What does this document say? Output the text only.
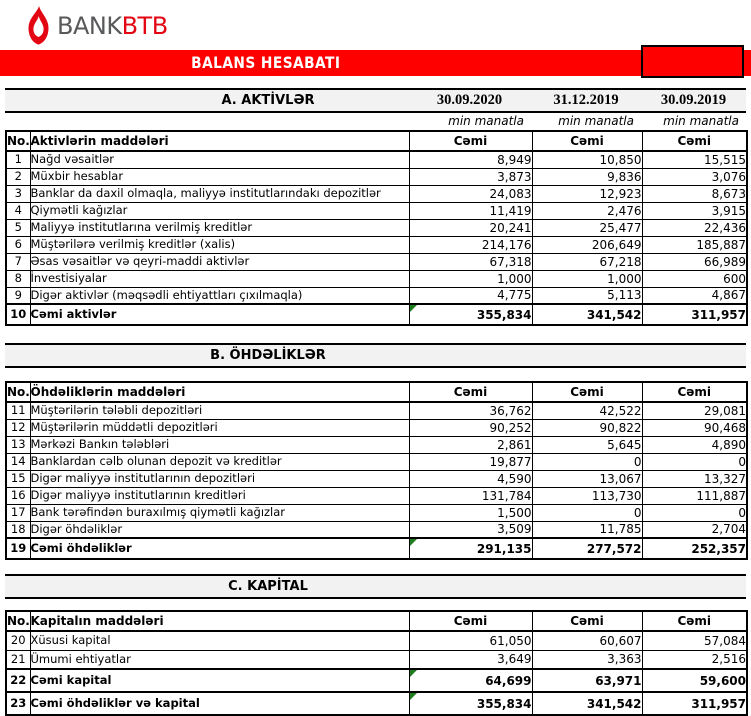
BANKBTB
BALANS HESABATI
A. AKTİVLƏR	30.09.2020	31.12.2019	30.09.2019
min manatla	min manatla	min manatla
No.	Aktivlərin maddələri	Cəmi	Cəmi	Cəmi
1	Nağd vəsaitlər	8,949	10,850	15,515
2	Müxbir hesablar	3,873	9,836	3,076
3	Banklar da daxil olmaqla, maliyyə institutlarındakı depozitlər	24,083	12,923	8,673
4	Qiymətli kağızlar	11,419	2,476	3,915
5	Maliyyə institutlarına verilmiş kreditlər	20,241	25,477	22,436
6	Müştərilərə verilmiş kreditlər (xalis)	214,176	206,649	185,887
7	Əsas vəsaitlər və qeyri-maddi aktivlər	67,318	67,218	66,989
8	İnvestisiyalar	1,000	1,000	600
9	Digər aktivlər (məqsədli ehtiyattları çıxılmaqla)	4,775	5,113	4,867
10	Cəmi aktivlər	355,834	341,542	311,957
B. ÖHDƏLİKLƏR
No.	Öhdəliklərin maddələri	Cəmi	Cəmi	Cəmi
11	Müştərilərin tələbli depozitləri	36,762	42,522	29,081
12	Müştərilərin müddətli depozitləri	90,252	90,822	90,468
13	Mərkəzi Bankın tələbləri	2,861	5,645	4,890
14	Banklardan cəlb olunan depozit və kreditlər	19,877	0	0
15	Digər maliyyə institutlarının depozitləri	4,590	13,067	13,327
16	Digər maliyyə institutlarının kreditləri	131,784	113,730	111,887
17	Bank tərəfindən buraxılmış qiymətli kağızlar	1,500	0	0
18	Digər öhdəliklər	3,509	11,785	2,704
19	Cəmi öhdəliklər	291,135	277,572	252,357
C. KAPİTAL
No.	Kapitalın maddələri	Cəmi	Cəmi	Cəmi
20	Xüsusi kapital	61,050	60,607	57,084
21	Ümumi ehtiyatlar	3,649	3,363	2,516
22	Cəmi kapital	64,699	63,971	59,600
23	Cəmi öhdəliklər və kapital	355,834	341,542	311,957
